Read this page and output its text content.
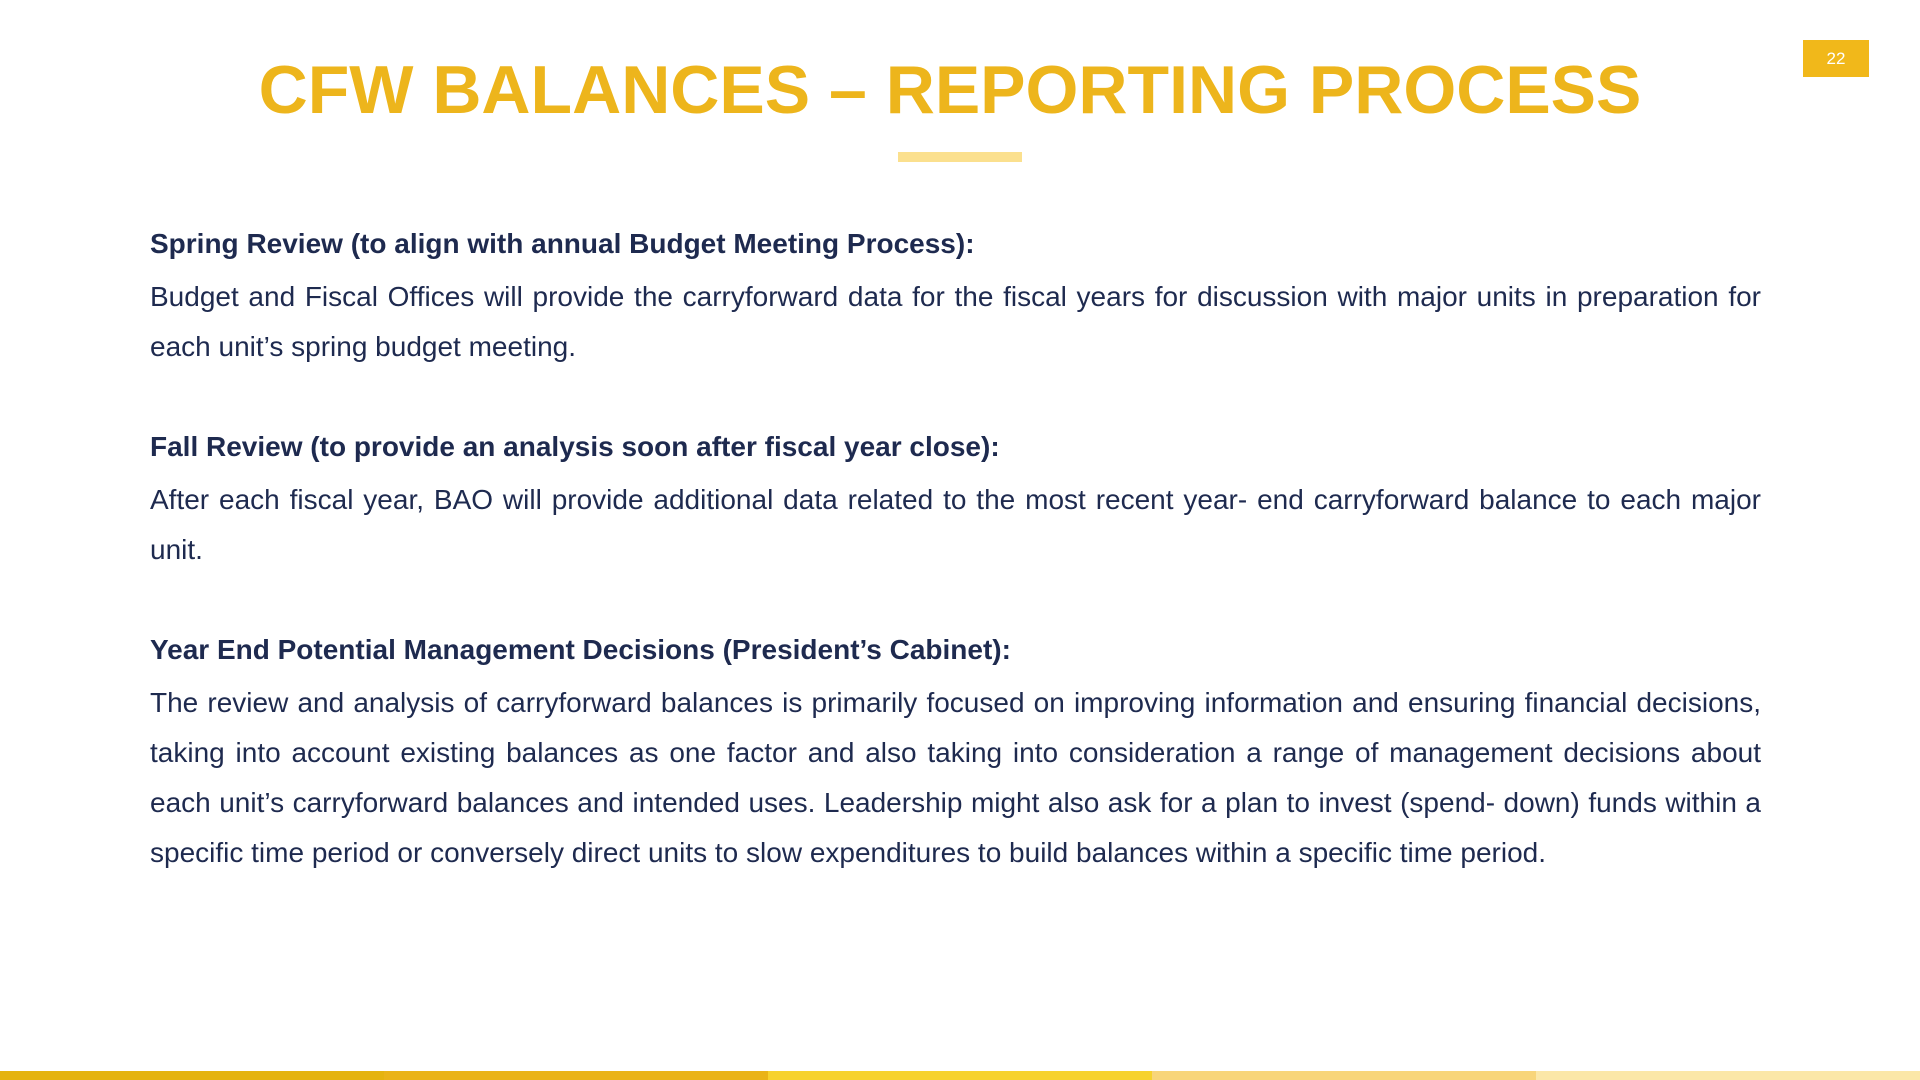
22
CFW BALANCES – REPORTING PROCESS

Spring Review (to align with annual Budget Meeting Process):

Budget and Fiscal Offices will provide the carryforward data for the fiscal years for discussion with major units in preparation for each unit’s spring budget meeting.

Fall Review (to provide an analysis soon after fiscal year close):

After each fiscal year, BAO will provide additional data related to the most recent year- end carryforward balance to each major unit.

Year End Potential Management Decisions (President’s Cabinet):

The review and analysis of carryforward balances is primarily focused on improving information and ensuring financial decisions, taking into account existing balances as one factor and also taking into consideration a range of management decisions about each unit’s carryforward balances and intended uses. Leadership might also ask for a plan to invest (spend- down) funds within a specific time period or conversely direct units to slow expenditures to build balances within a specific time period.
